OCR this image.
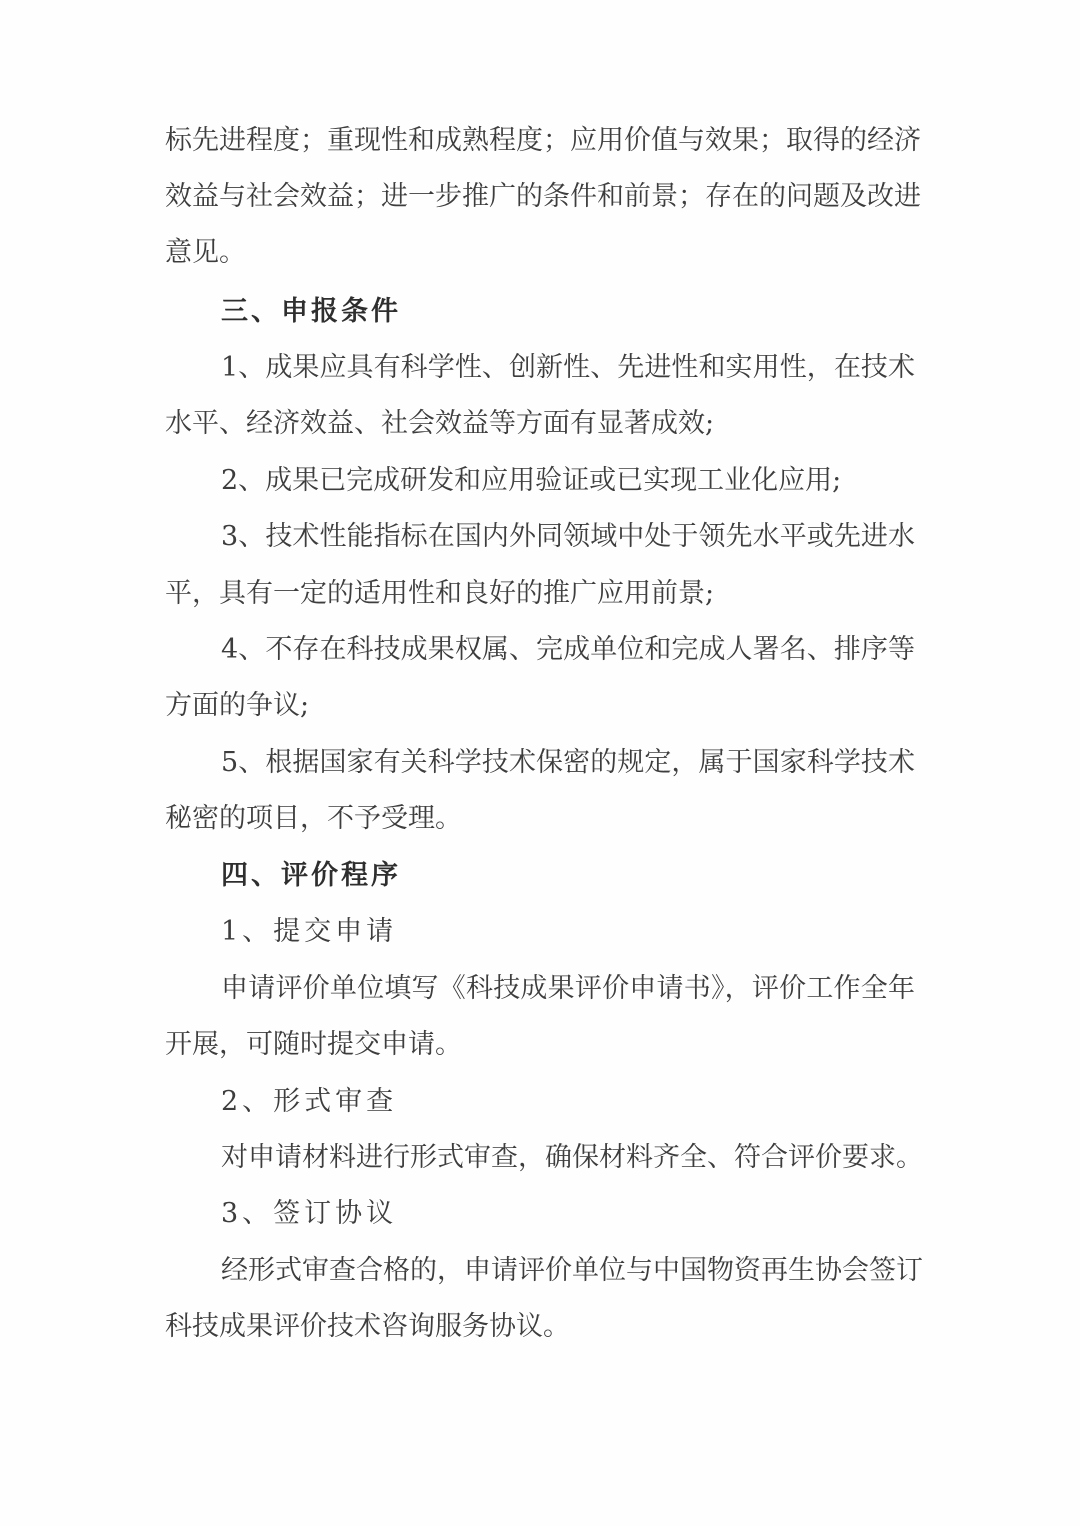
标先进程度；重现性和成熟程度；应用价值与效果；取得的经济
效益与社会效益；进一步推广的条件和前景；存在的问题及改进
意见。
三、申报条件
1、成果应具有科学性、创新性、先进性和实用性，在技术
水平、经济效益、社会效益等方面有显著成效;
2、成果已完成研发和应用验证或已实现工业化应用;
3、技术性能指标在国内外同领域中处于领先水平或先进水
平，具有一定的适用性和良好的推广应用前景;
4、不存在科技成果权属、完成单位和完成人署名、排序等
方面的争议;
5、根据国家有关科学技术保密的规定，属于国家科学技术
秘密的项目，不予受理。
四、评价程序
1、提交申请
申请评价单位填写《科技成果评价申请书》，评价工作全年
开展，可随时提交申请。
2、形式审查
对申请材料进行形式审查，确保材料齐全、符合评价要求。
3、签订协议
经形式审查合格的，申请评价单位与中国物资再生协会签订
科技成果评价技术咨询服务协议。
